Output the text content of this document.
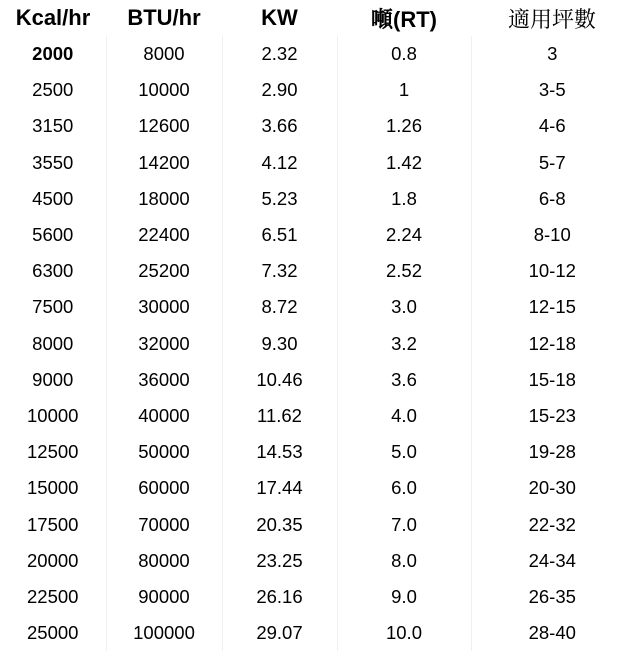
Kcal/hr	BTU/hr	KW	噸(RT)	適用坪數
2000	8000	2.32	0.8	3
2500	10000	2.90	1	3-5
3150	12600	3.66	1.26	4-6
3550	14200	4.12	1.42	5-7
4500	18000	5.23	1.8	6-8
5600	22400	6.51	2.24	8-10
6300	25200	7.32	2.52	10-12
7500	30000	8.72	3.0	12-15
8000	32000	9.30	3.2	12-18
9000	36000	10.46	3.6	15-18
10000	40000	11.62	4.0	15-23
12500	50000	14.53	5.0	19-28
15000	60000	17.44	6.0	20-30
17500	70000	20.35	7.0	22-32
20000	80000	23.25	8.0	24-34
22500	90000	26.16	9.0	26-35
25000	100000	29.07	10.0	28-40
